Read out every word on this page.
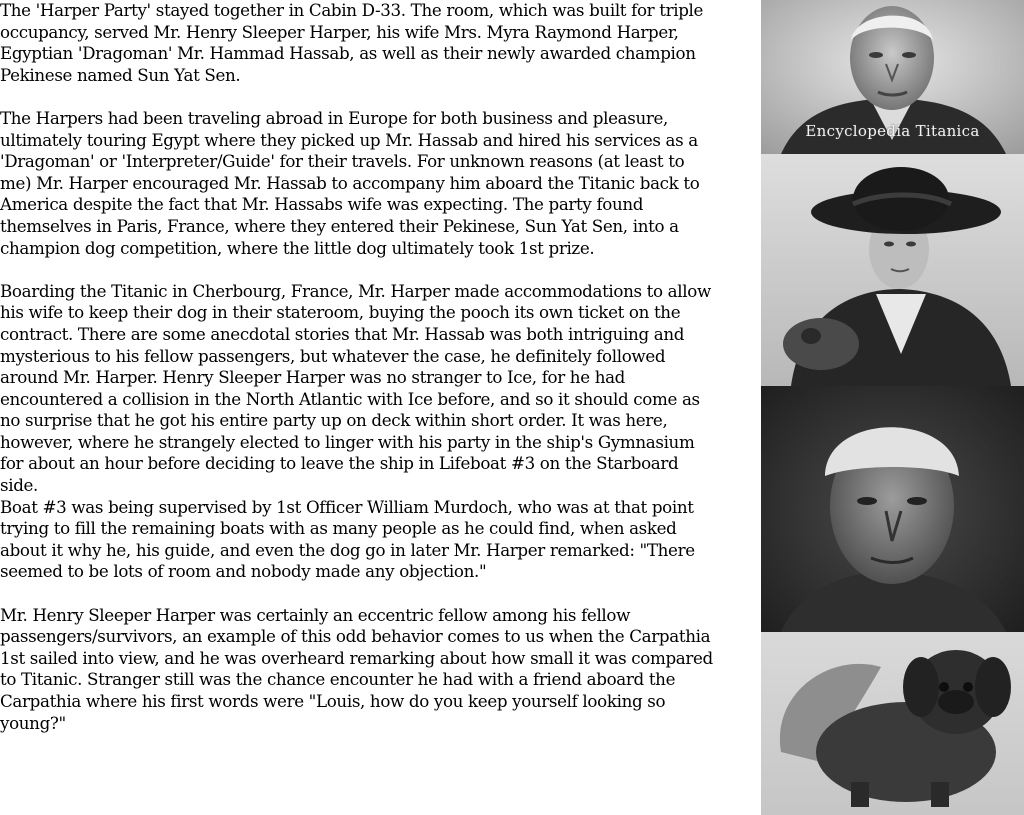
The 'Harper Party' stayed together in Cabin D-33. The room, which was built for triple
occupancy, served Mr. Henry Sleeper Harper, his wife Mrs. Myra Raymond Harper,
Egyptian 'Dragoman' Mr. Hammad Hassab, as well as their newly awarded champion
Pekinese named Sun Yat Sen.

The Harpers had been traveling abroad in Europe for both business and pleasure,
ultimately touring Egypt where they picked up Mr. Hassab and hired his services as a
'Dragoman' or 'Interpreter/Guide' for their travels. For unknown reasons (at least to
me) Mr. Harper encouraged Mr. Hassab to accompany him aboard the Titanic back to
America despite the fact that Mr. Hassabs wife was expecting. The party found
themselves in Paris, France, where they entered their Pekinese, Sun Yat Sen, into a
champion dog competition, where the little dog ultimately took 1st prize.

Boarding the Titanic in Cherbourg, France, Mr. Harper made accommodations to allow
his wife to keep their dog in their stateroom, buying the pooch its own ticket on the
contract. There are some anecdotal stories that Mr. Hassab was both intriguing and
mysterious to his fellow passengers, but whatever the case, he definitely followed
around Mr. Harper. Henry Sleeper Harper was no stranger to Ice, for he had
encountered a collision in the North Atlantic with Ice before, and so it should come as
no surprise that he got his entire party up on deck within short order. It was here,
however, where he strangely elected to linger with his party in the ship's Gymnasium
for about an hour before deciding to leave the ship in Lifeboat #3 on the Starboard
side.

Boat #3 was being supervised by 1st Officer William Murdoch, who was at that point
trying to fill the remaining boats with as many people as he could find, when asked
about it why he, his guide, and even the dog go in later Mr. Harper remarked: "There
seemed to be lots of room and nobody made any objection."

Mr. Henry Sleeper Harper was certainly an eccentric fellow among his fellow
passengers/survivors, an example of this odd behavior comes to us when the Carpathia
1st sailed into view, and he was overheard remarking about how small it was compared
to Titanic. Stranger still was the chance encounter he had with a friend aboard the
Carpathia where his first words were "Louis, how do you keep yourself looking so
young?"

Encyclopedia Titanica
